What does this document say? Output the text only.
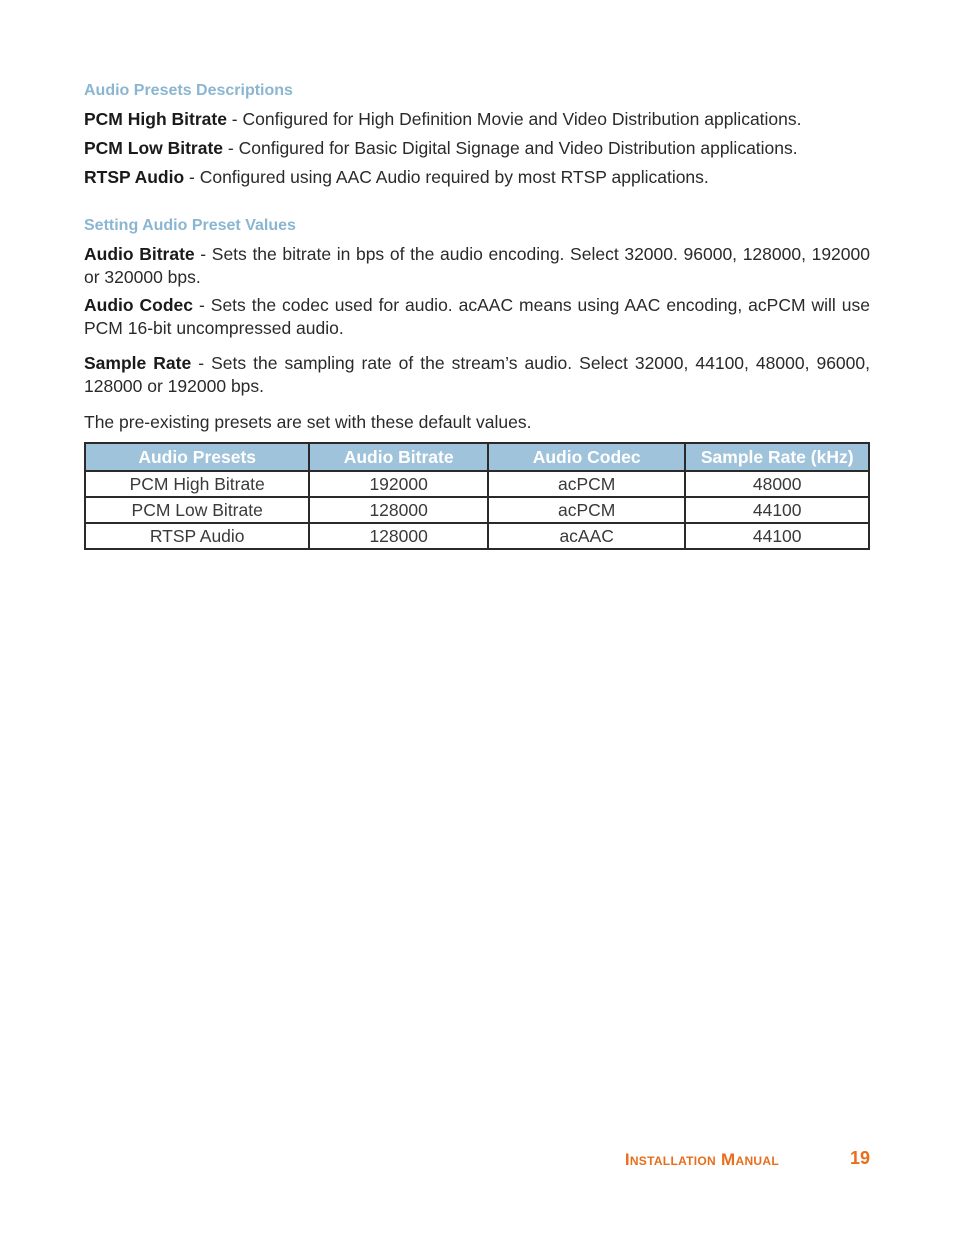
Audio Presets Descriptions

PCM High Bitrate - Configured for High Definition Movie and Video Distribution applications.

PCM Low Bitrate - Configured for Basic Digital Signage and Video Distribution applications.

RTSP Audio - Configured using AAC Audio required by most RTSP applications.

Setting Audio Preset Values

Audio Bitrate - Sets the bitrate in bps of the audio encoding. Select 32000. 96000, 128000, 192000 or 320000 bps.

Audio Codec - Sets the codec used for audio. acAAC means using AAC encoding, acPCM will use PCM 16-bit uncompressed audio.

Sample Rate - Sets the sampling rate of the stream’s audio. Select 32000, 44100, 48000, 96000, 128000 or 192000 bps.

The pre-existing presets are set with these default values.

Audio Presets	Audio Bitrate	Audio Codec	Sample Rate (kHz)
PCM High Bitrate	192000	acPCM	48000
PCM Low Bitrate	128000	acPCM	44100
RTSP Audio	128000	acAAC	44100
Installation Manual	19
